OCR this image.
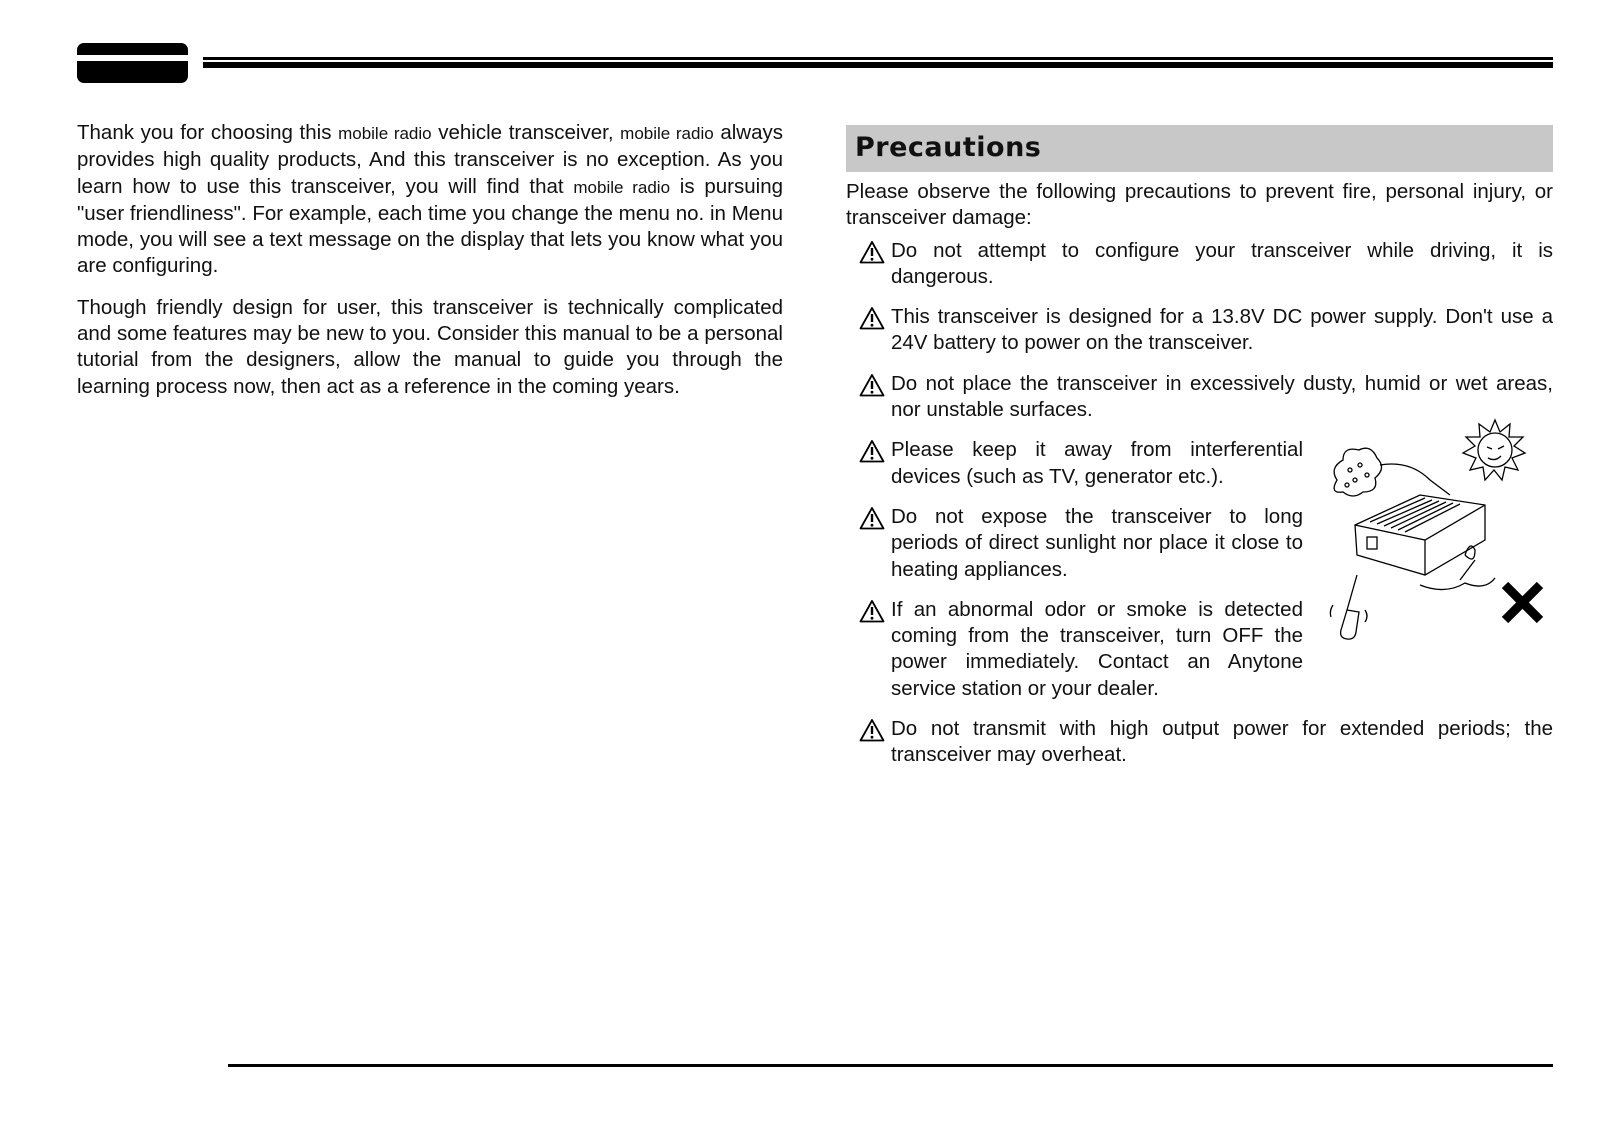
Thank you for choosing this mobile radio vehicle transceiver, mobile radio always provides high quality products, And this transceiver is no exception. As you learn how to use this transceiver, you will find that mobile radio is pursuing "user friendliness". For example, each time you change the menu no. in Menu mode, you will see a text message on the display that lets you know what you are configuring.

Though friendly design for user, this transceiver is technically complicated and some features may be new to you. Consider this manual to be a personal tutorial from the designers, allow the manual to guide you through the learning process now, then act as a reference in the coming years.

Precautions
Please observe the following precautions to prevent fire, personal injury, or transceiver damage:
Do not attempt to configure your transceiver while driving, it is dangerous.
This transceiver is designed for a 13.8V DC power supply. Don't use a 24V battery to power on the transceiver.
Do not place the transceiver in excessively dusty, humid or wet areas, nor unstable surfaces.
Please keep it away from interferential devices (such as TV, generator etc.).
Do not expose the transceiver to long periods of direct sunlight nor place it close to heating appliances.
If an abnormal odor or smoke is detected coming from the transceiver, turn OFF the power immediately. Contact an Anytone service station or your dealer.
Do not transmit with high output power for extended periods; the transceiver may overheat.
